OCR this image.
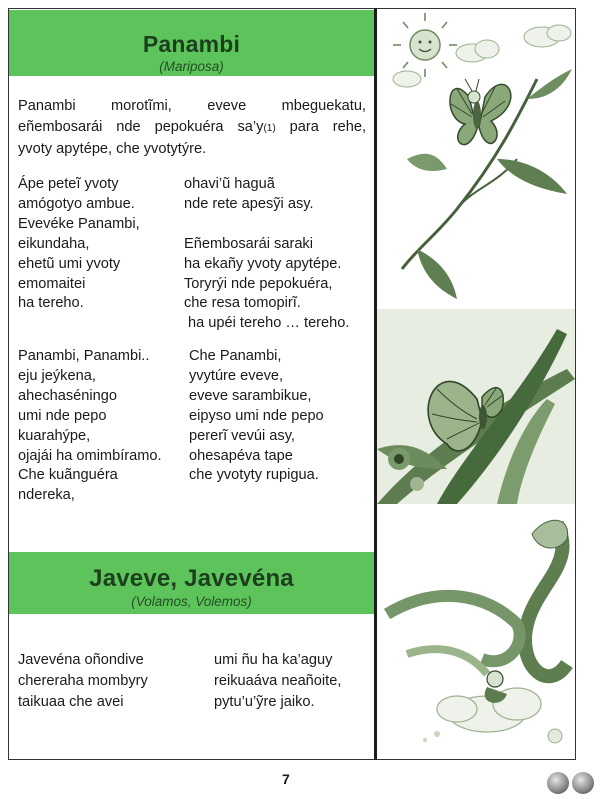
Panambi
(Mariposa)
Panambi morotĩmi, eveve mbeguekatu,
eñembosarái nde pepokuéra sa’y(1) para rehe,
yvoty apytépe, che yvotytýre.
Ápe peteĩ yvoty
amógotyo ambue.
Evevéke Panambi,
eikundaha,
ehetũ umi yvoty
emomaitei
ha tereho.
ohavi’ũ haguã
nde rete apesỹi asy.
Eñembosarái saraki
ha ekañy yvoty apytépe.
Toryrýi nde pepokuéra,
che resa tomopirĩ.
ha upéi tereho … tereho.
Panambi, Panambi..
eju jeýkena,
ahechaséningo
umi nde pepo
kuarahýpe,
ojajái ha omimbíramo.
Che kuãnguéra
ndereka,
Che Panambi,
yvytúre eveve,
eveve sarambikue,
eipyso umi nde pepo
pererĩ vevúi asy,
ohesapéva tape
che yvotyty rupigua.
Javeve, Javevéna
(Volamos, Volemos)
Javevéna oñondive
chereraha mombyry
taikuaa che avei
umi ñu ha ka’aguy
reikuaáva neañoite,
pytu’u’ỹre jaiko.
7
